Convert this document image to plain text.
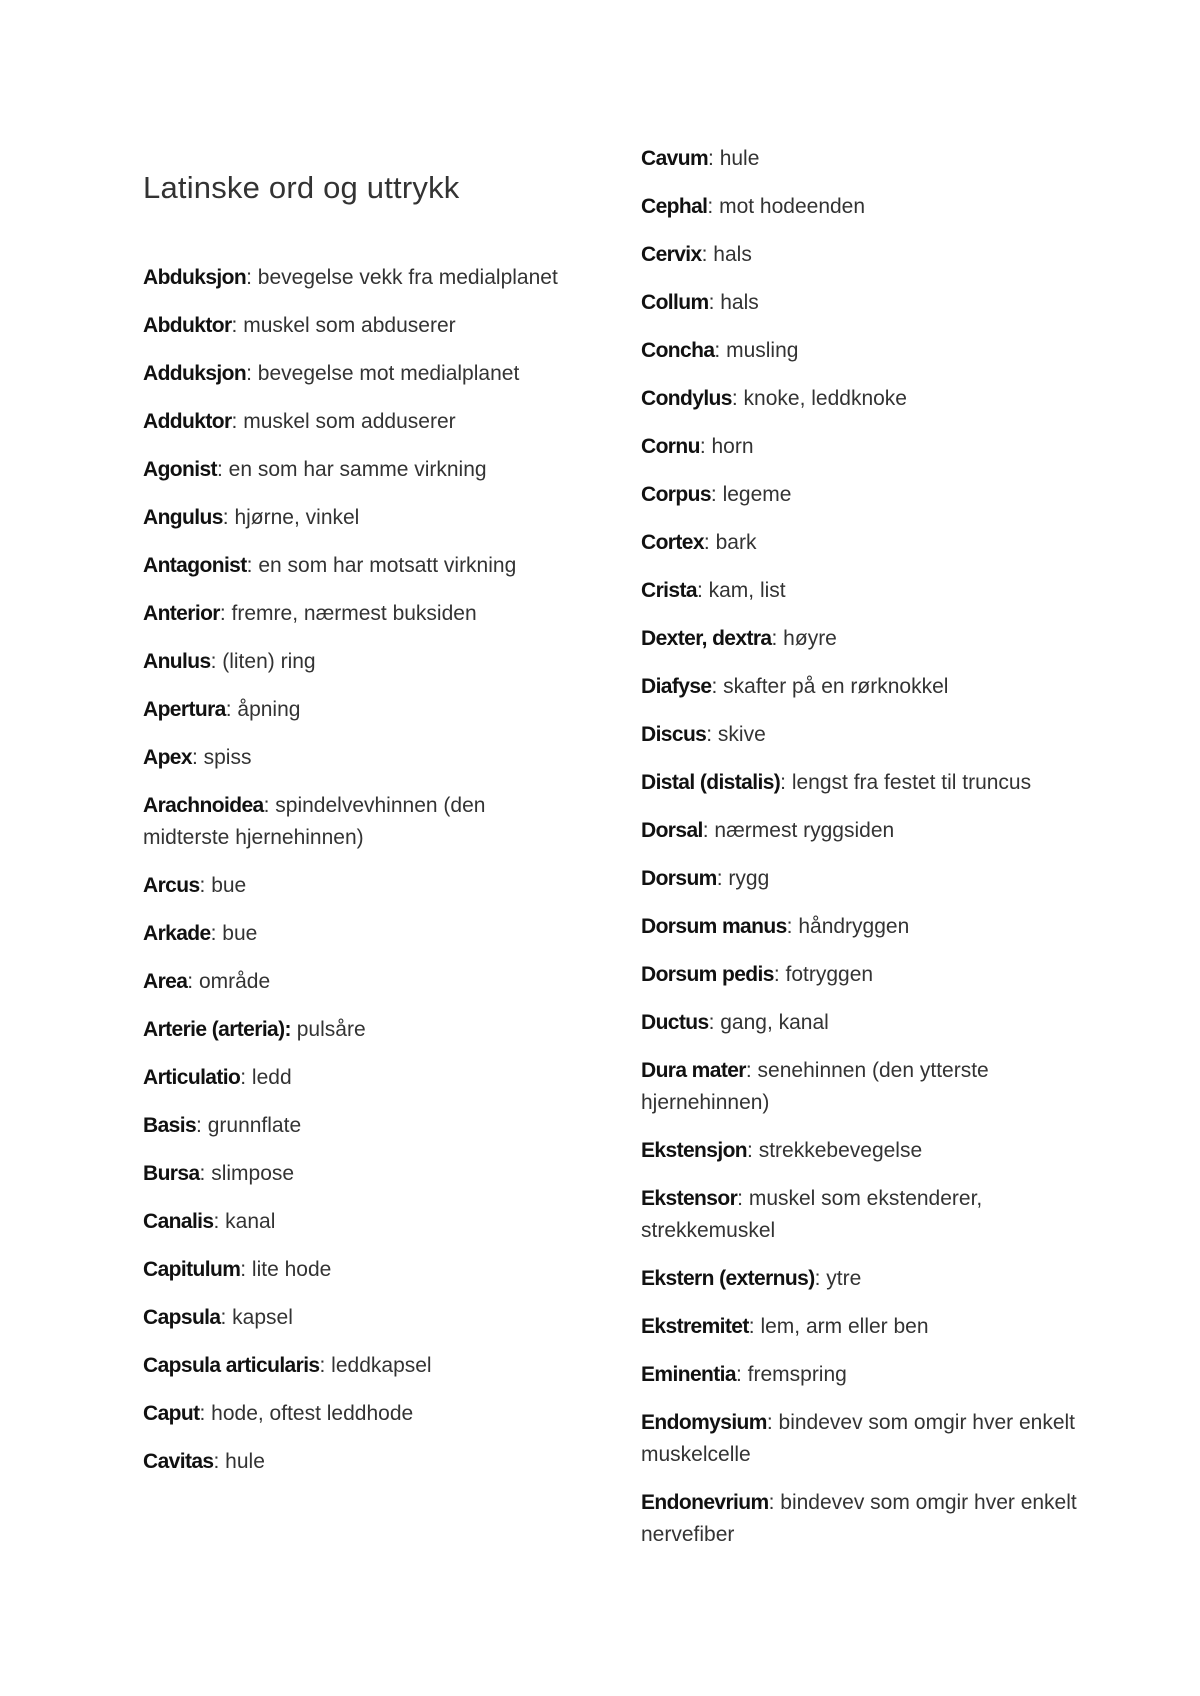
Latinske ord og uttrykk
Abduksjon: bevegelse vekk fra medialplanet
Abduktor: muskel som abduserer
Adduksjon: bevegelse mot medialplanet
Adduktor: muskel som adduserer
Agonist: en som har samme virkning
Angulus: hjørne, vinkel
Antagonist: en som har motsatt virkning
Anterior: fremre, nærmest buksiden
Anulus: (liten) ring
Apertura: åpning
Apex: spiss
Arachnoidea: spindelvevhinnen (den midterste hjernehinnen)
Arcus: bue
Arkade: bue
Area: område
Arterie (arteria): pulsåre
Articulatio: ledd
Basis: grunnflate
Bursa: slimpose
Canalis: kanal
Capitulum: lite hode
Capsula: kapsel
Capsula articularis: leddkapsel
Caput: hode, oftest leddhode
Cavitas: hule
Cavum: hule
Cephal: mot hodeenden
Cervix: hals
Collum: hals
Concha: musling
Condylus: knoke, leddknoke
Cornu: horn
Corpus: legeme
Cortex: bark
Crista: kam, list
Dexter, dextra: høyre
Diafyse: skafter på en rørknokkel
Discus: skive
Distal (distalis): lengst fra festet til truncus
Dorsal: nærmest ryggsiden
Dorsum: rygg
Dorsum manus: håndryggen
Dorsum pedis: fotryggen
Ductus: gang, kanal
Dura mater: senehinnen (den ytterste hjernehinnen)
Ekstensjon: strekkebevegelse
Ekstensor: muskel som ekstenderer, strekkemuskel
Ekstern (externus): ytre
Ekstremitet: lem, arm eller ben
Eminentia: fremspring
Endomysium: bindevev som omgir hver enkelt muskelcelle
Endonevrium: bindevev som omgir hver enkelt nervefiber
